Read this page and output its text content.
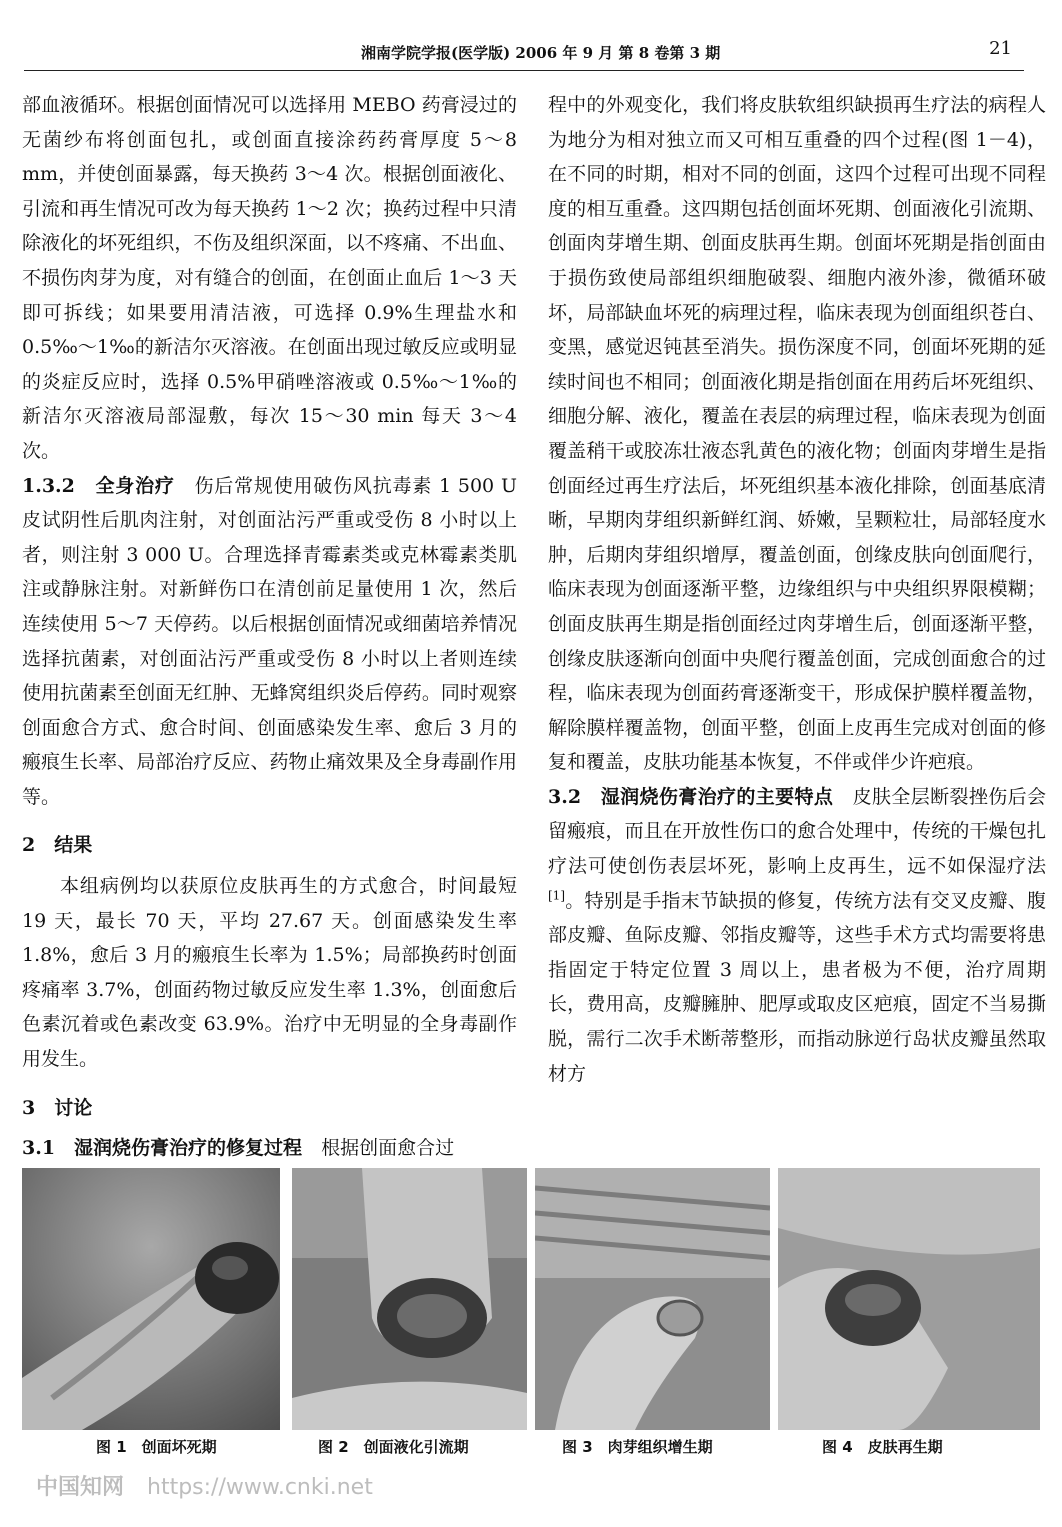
湘南学院学报(医学版) 2006 年 9 月 第 8 卷第 3 期	21

部血液循环。根据创面情况可以选择用 MEBO 药膏浸过的无菌纱布将创面包扎，或创面直接涂药药膏厚度 5～8 mm，并使创面暴露，每天换药 3～4 次。根据创面液化、引流和再生情况可改为每天换药 1～2 次；换药过程中只清除液化的坏死组织，不伤及组织深面，以不疼痛、不出血、不损伤肉芽为度，对有缝合的创面，在创面止血后 1～3 天即可拆线；如果要用清洁液，可选择 0.9%生理盐水和 0.5‰～1‰的新洁尔灭溶液。在创面出现过敏反应或明显的炎症反应时，选择 0.5%甲硝唑溶液或 0.5‰～1‰的新洁尔灭溶液局部湿敷，每次 15～30 min 每天 3～4 次。

1.3.2　全身治疗　伤后常规使用破伤风抗毒素 1 500 U 皮试阴性后肌肉注射，对创面沾污严重或受伤 8 小时以上者，则注射 3 000 U。合理选择青霉素类或克林霉素类肌注或静脉注射。对新鲜伤口在清创前足量使用 1 次，然后连续使用 5～7 天停药。以后根据创面情况或细菌培养情况选择抗菌素，对创面沾污严重或受伤 8 小时以上者则连续使用抗菌素至创面无红肿、无蜂窝组织炎后停药。同时观察创面愈合方式、愈合时间、创面感染发生率、愈后 3 月的瘢痕生长率、局部治疗反应、药物止痛效果及全身毒副作用等。

2　结果

本组病例均以获原位皮肤再生的方式愈合，时间最短 19 天，最长 70 天，平均 27.67 天。创面感染发生率 1.8%，愈后 3 月的瘢痕生长率为 1.5%；局部换药时创面疼痛率 3.7%，创面药物过敏反应发生率 1.3%，创面愈后色素沉着或色素改变 63.9%。治疗中无明显的全身毒副作用发生。

3　讨论

3.1　湿润烧伤膏治疗的修复过程　根据创面愈合过

程中的外观变化，我们将皮肤软组织缺损再生疗法的病程人为地分为相对独立而又可相互重叠的四个过程(图 1－4)，在不同的时期，相对不同的创面，这四个过程可出现不同程度的相互重叠。这四期包括创面坏死期、创面液化引流期、创面肉芽增生期、创面皮肤再生期。创面坏死期是指创面由于损伤致使局部组织细胞破裂、细胞内液外渗，微循环破坏，局部缺血坏死的病理过程，临床表现为创面组织苍白、变黑，感觉迟钝甚至消失。损伤深度不同，创面坏死期的延续时间也不相同；创面液化期是指创面在用药后坏死组织、细胞分解、液化，覆盖在表层的病理过程，临床表现为创面覆盖稍干或胶冻壮液态乳黄色的液化物；创面肉芽增生是指创面经过再生疗法后，坏死组织基本液化排除，创面基底清晰，早期肉芽组织新鲜红润、娇嫩，呈颗粒壮，局部轻度水肿，后期肉芽组织增厚，覆盖创面，创缘皮肤向创面爬行，临床表现为创面逐渐平整，边缘组织与中央组织界限模糊；创面皮肤再生期是指创面经过肉芽增生后，创面逐渐平整，创缘皮肤逐渐向创面中央爬行覆盖创面，完成创面愈合的过程，临床表现为创面药膏逐渐变干，形成保护膜样覆盖物，解除膜样覆盖物，创面平整，创面上皮再生完成对创面的修复和覆盖，皮肤功能基本恢复，不伴或伴少许疤痕。

3.2　湿润烧伤膏治疗的主要特点　皮肤全层断裂挫伤后会留瘢痕，而且在开放性伤口的愈合处理中，传统的干燥包扎疗法可使创伤表层坏死，影响上皮再生，远不如保湿疗法[1]。特别是手指末节缺损的修复，传统方法有交叉皮瓣、腹部皮瓣、鱼际皮瓣、邻指皮瓣等，这些手术方式均需要将患指固定于特定位置 3 周以上，患者极为不便，治疗周期长，费用高，皮瓣臃肿、肥厚或取皮区疤痕，固定不当易撕脱，需行二次手术断蒂整形，而指动脉逆行岛状皮瓣虽然取材方

图 1　创面坏死期	图 2　创面液化引流期	图 3　肉芽组织增生期	图 4　皮肤再生期
中国知网 https://www.cnki.net
